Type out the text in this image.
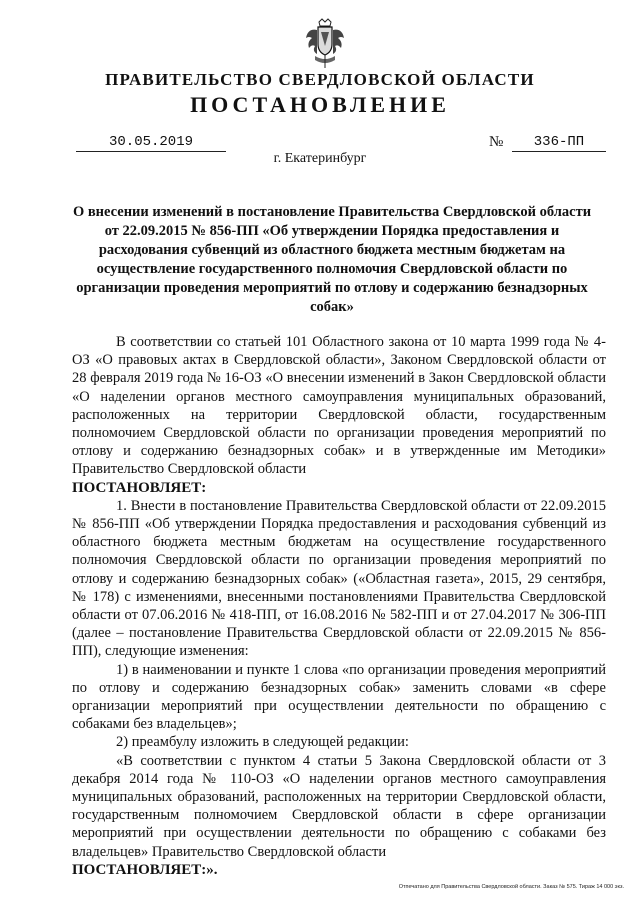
ПРАВИТЕЛЬСТВО СВЕРДЛОВСКОЙ ОБЛАСТИ
ПОСТАНОВЛЕНИЕ
30.05.2019	№	336-ПП
г. Екатеринбург
О внесении изменений в постановление Правительства Свердловской области от 22.09.2015 № 856-ПП «Об утверждении Порядка предоставления и расходования субвенций из областного бюджета местным бюджетам на осуществление государственного полномочия Свердловской области по организации проведения мероприятий по отлову и содержанию безнадзорных собак»

В соответствии со статьей 101 Областного закона от 10 марта 1999 года № 4-ОЗ «О правовых актах в Свердловской области», Законом Свердловской области от 28 февраля 2019 года № 16-ОЗ «О внесении изменений в Закон Свердловской области «О наделении органов местного самоуправления муниципальных образований, расположенных на территории Свердловской области, государственным полномочием Свердловской области по организации проведения мероприятий по отлову и содержанию безнадзорных собак» и в утвержденные им Методики» Правительство Свердловской области

ПОСТАНОВЛЯЕТ:

1. Внести в постановление Правительства Свердловской области от 22.09.2015 № 856-ПП «Об утверждении Порядка предоставления и расходования субвенций из областного бюджета местным бюджетам на осуществление государственного полномочия Свердловской области по организации проведения мероприятий по отлову и содержанию безнадзорных собак» («Областная газета», 2015, 29 сентября, № 178) с изменениями, внесенными постановлениями Правительства Свердловской области от 07.06.2016 № 418-ПП, от 16.08.2016 № 582-ПП и от 27.04.2017 № 306-ПП (далее – постановление Правительства Свердловской области от 22.09.2015 № 856-ПП), следующие изменения:

1) в наименовании и пункте 1 слова «по организации проведения мероприятий по отлову и содержанию безнадзорных собак» заменить словами «в сфере организации мероприятий при осуществлении деятельности по обращению с собаками без владельцев»;

2) преамбулу изложить в следующей редакции:

«В соответствии с пунктом 4 статьи 5 Закона Свердловской области от 3 декабря 2014 года № 110-ОЗ «О наделении органов местного самоуправления муниципальных образований, расположенных на территории Свердловской области, государственным полномочием Свердловской области в сфере организации мероприятий при осуществлении деятельности по обращению с собаками без владельцев» Правительство Свердловской области

ПОСТАНОВЛЯЕТ:».

Отпечатано для Правительства Свердловской области. Заказ № 575. Тираж 14 000 экз.
